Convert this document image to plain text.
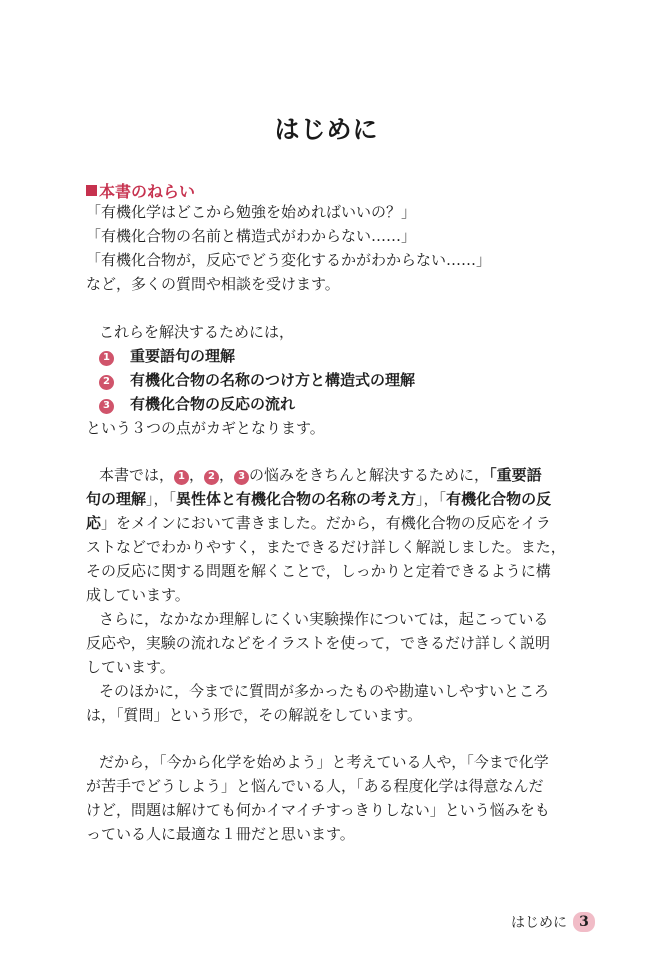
はじめに
本書のねらい
「有機化学はどこから勉強を始めればいいの？」
「有機化合物の名前と構造式がわからない……」
「有機化合物が，反応でどう変化するかがわからない……」
など，多くの質問や相談を受けます。
これらを解決するためには，
1 重要語句の理解
2 有機化合物の名称のつけ方と構造式の理解
3 有機化合物の反応の流れ
という３つの点がカギとなります。
本書では， 1 ， 2 ， 3 の悩みをきちんと解決するために，「重要語
句の理解」，「異性体と有機化合物の名称の考え方」，「有機化合物の反
応」をメインにおいて書きました。だから，有機化合物の反応をイラ
ストなどでわかりやすく，またできるだけ詳しく解説しました。また，
その反応に関する問題を解くことで，しっかりと定着できるように構
成しています。
さらに，なかなか理解しにくい実験操作については，起こっている
反応や，実験の流れなどをイラストを使って，できるだけ詳しく説明
しています。
そのほかに，今までに質問が多かったものや勘違いしやすいところ
は，「質問」という形で，その解説をしています。
だから，「今から化学を始めよう」と考えている人や，「今まで化学
が苦手でどうしよう」と悩んでいる人，「ある程度化学は得意なんだ
けど，問題は解けても何かイマイチすっきりしない」という悩みをも
っている人に最適な１冊だと思います。
はじめに 3
